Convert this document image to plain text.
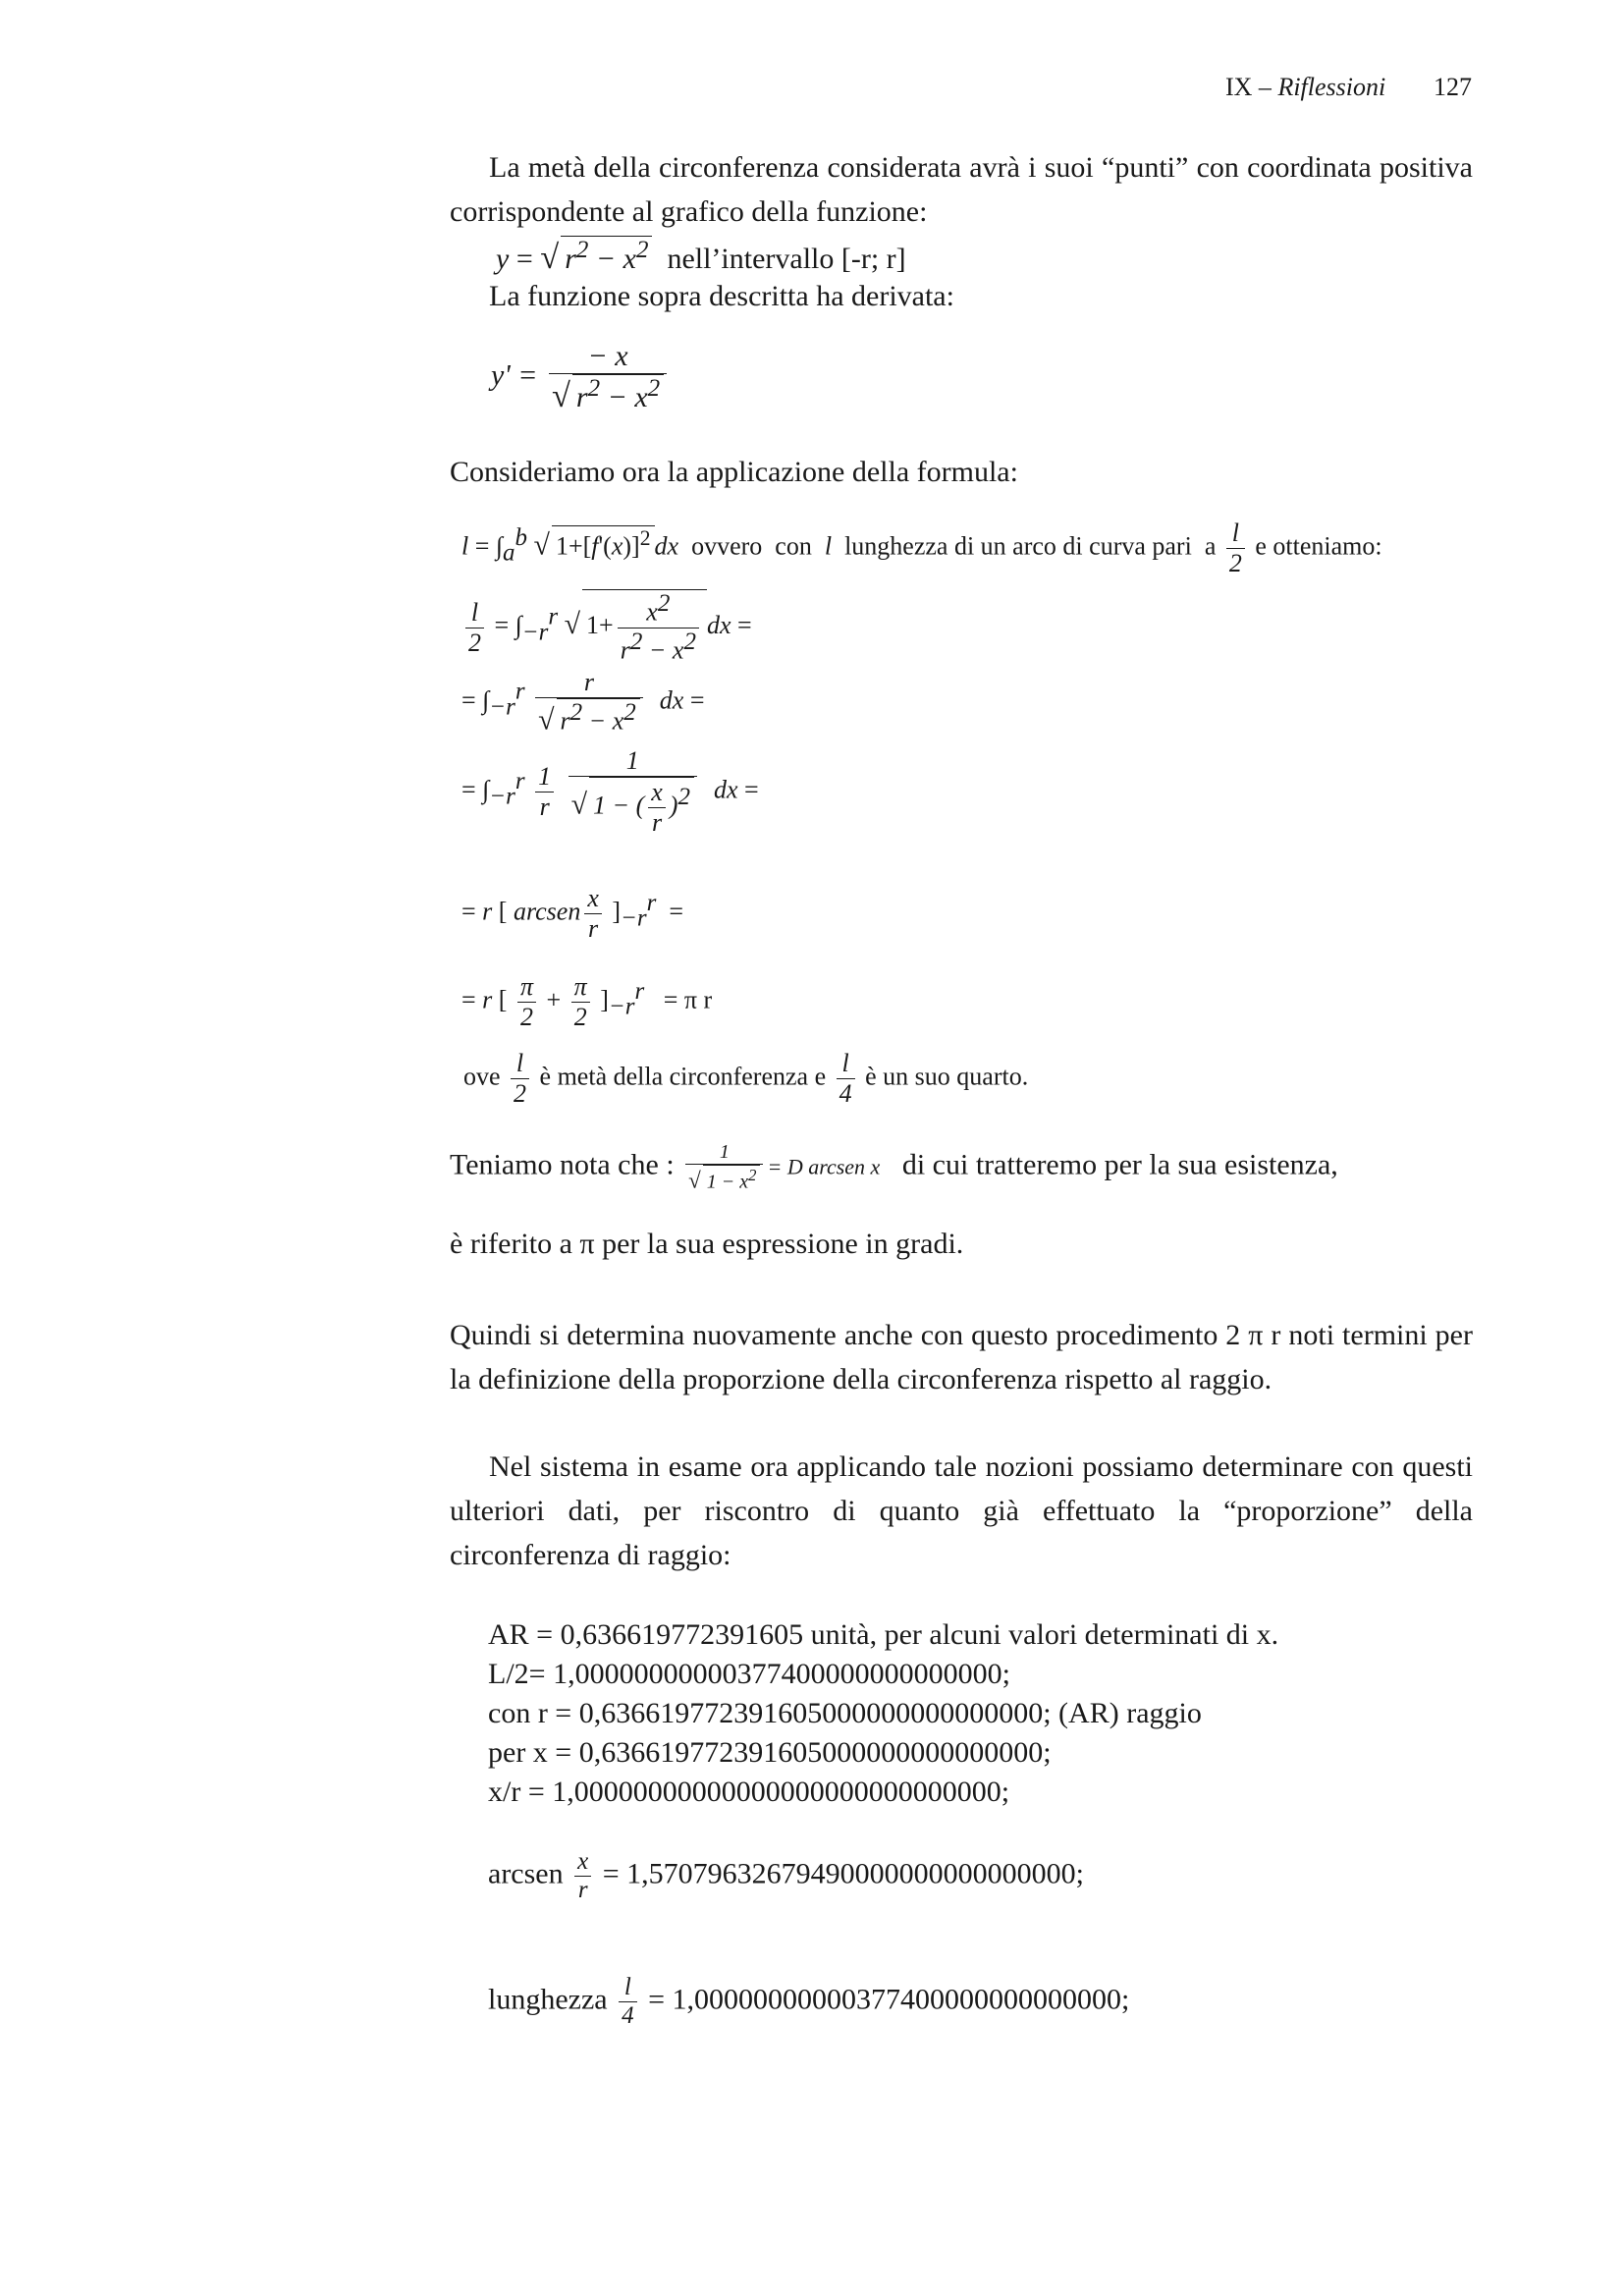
IX – Riflessioni 127
La metà della circonferenza considerata avrà i suoi “punti” con coordinata positiva corrispondente al grafico della funzione:
y = √ $r^2 - x^2$ nell’intervallo [-r; r]
La funzione sopra descritta ha derivata:
$y' = \frac{- x}{√ r^2 - x^2}$
Consideriamo ora la applicazione della formula:
$l = \int_a^b$ √ $1+[f'(x)]^2$ dx ovvero con l lunghezza di un arco di curva pari a $\frac{l}{2}$ e otteniamo:
$\frac{l}{2} = \int_{-r}^r$ √ $1+ \frac{x^2}{r^2 - x^2}$ dx =
= $\int_{-r}^r \frac{r}{√ r^2 - x^2}$ dx =
= $\int_{-r}^r \frac{1}{r}$
$\frac{1}{√ 1 - ( \frac{x}{r} )^2}$ dx =
= r [ arcsen $\frac{x}{r} ]_{-r}^r$  =
= r [ $\frac{\pi}{2} + \frac{\pi}{2} ]_{-r}^r = \pi$ r
ove $\frac{l}{2}$ è metà della circonferenza e $\frac{l}{4}$ è un suo quarto.
Teniamo nota che : $\frac{1}{√ 1 - x^2} = D$ arcsen x di cui tratteremo per la sua esistenza,
è riferito a π per la sua espressione in gradi.
Quindi si determina nuovamente anche con questo procedimento 2 π r noti termini per la definizione della proporzione della circonferenza rispetto al raggio.
Nel sistema in esame ora applicando tale nozioni possiamo determinare con questi ulteriori dati, per riscontro di quanto già effettuato la “proporzione” della circonferenza di raggio:
AR = 0,636619772391605 unità, per alcuni valori determinati di x.
L/2= 1,00000000000377400000000000000;
con r = 0,636619772391605000000000000000; (AR) raggio
per x = 0,636619772391605000000000000000;
x/r = 1,00000000000000000000000000000;
arcsen $\frac{x}{r} = 1,57079632679490000000000000000$;
lunghezza $\frac{l}{4} = 1,00000000000377400000000000000$;
